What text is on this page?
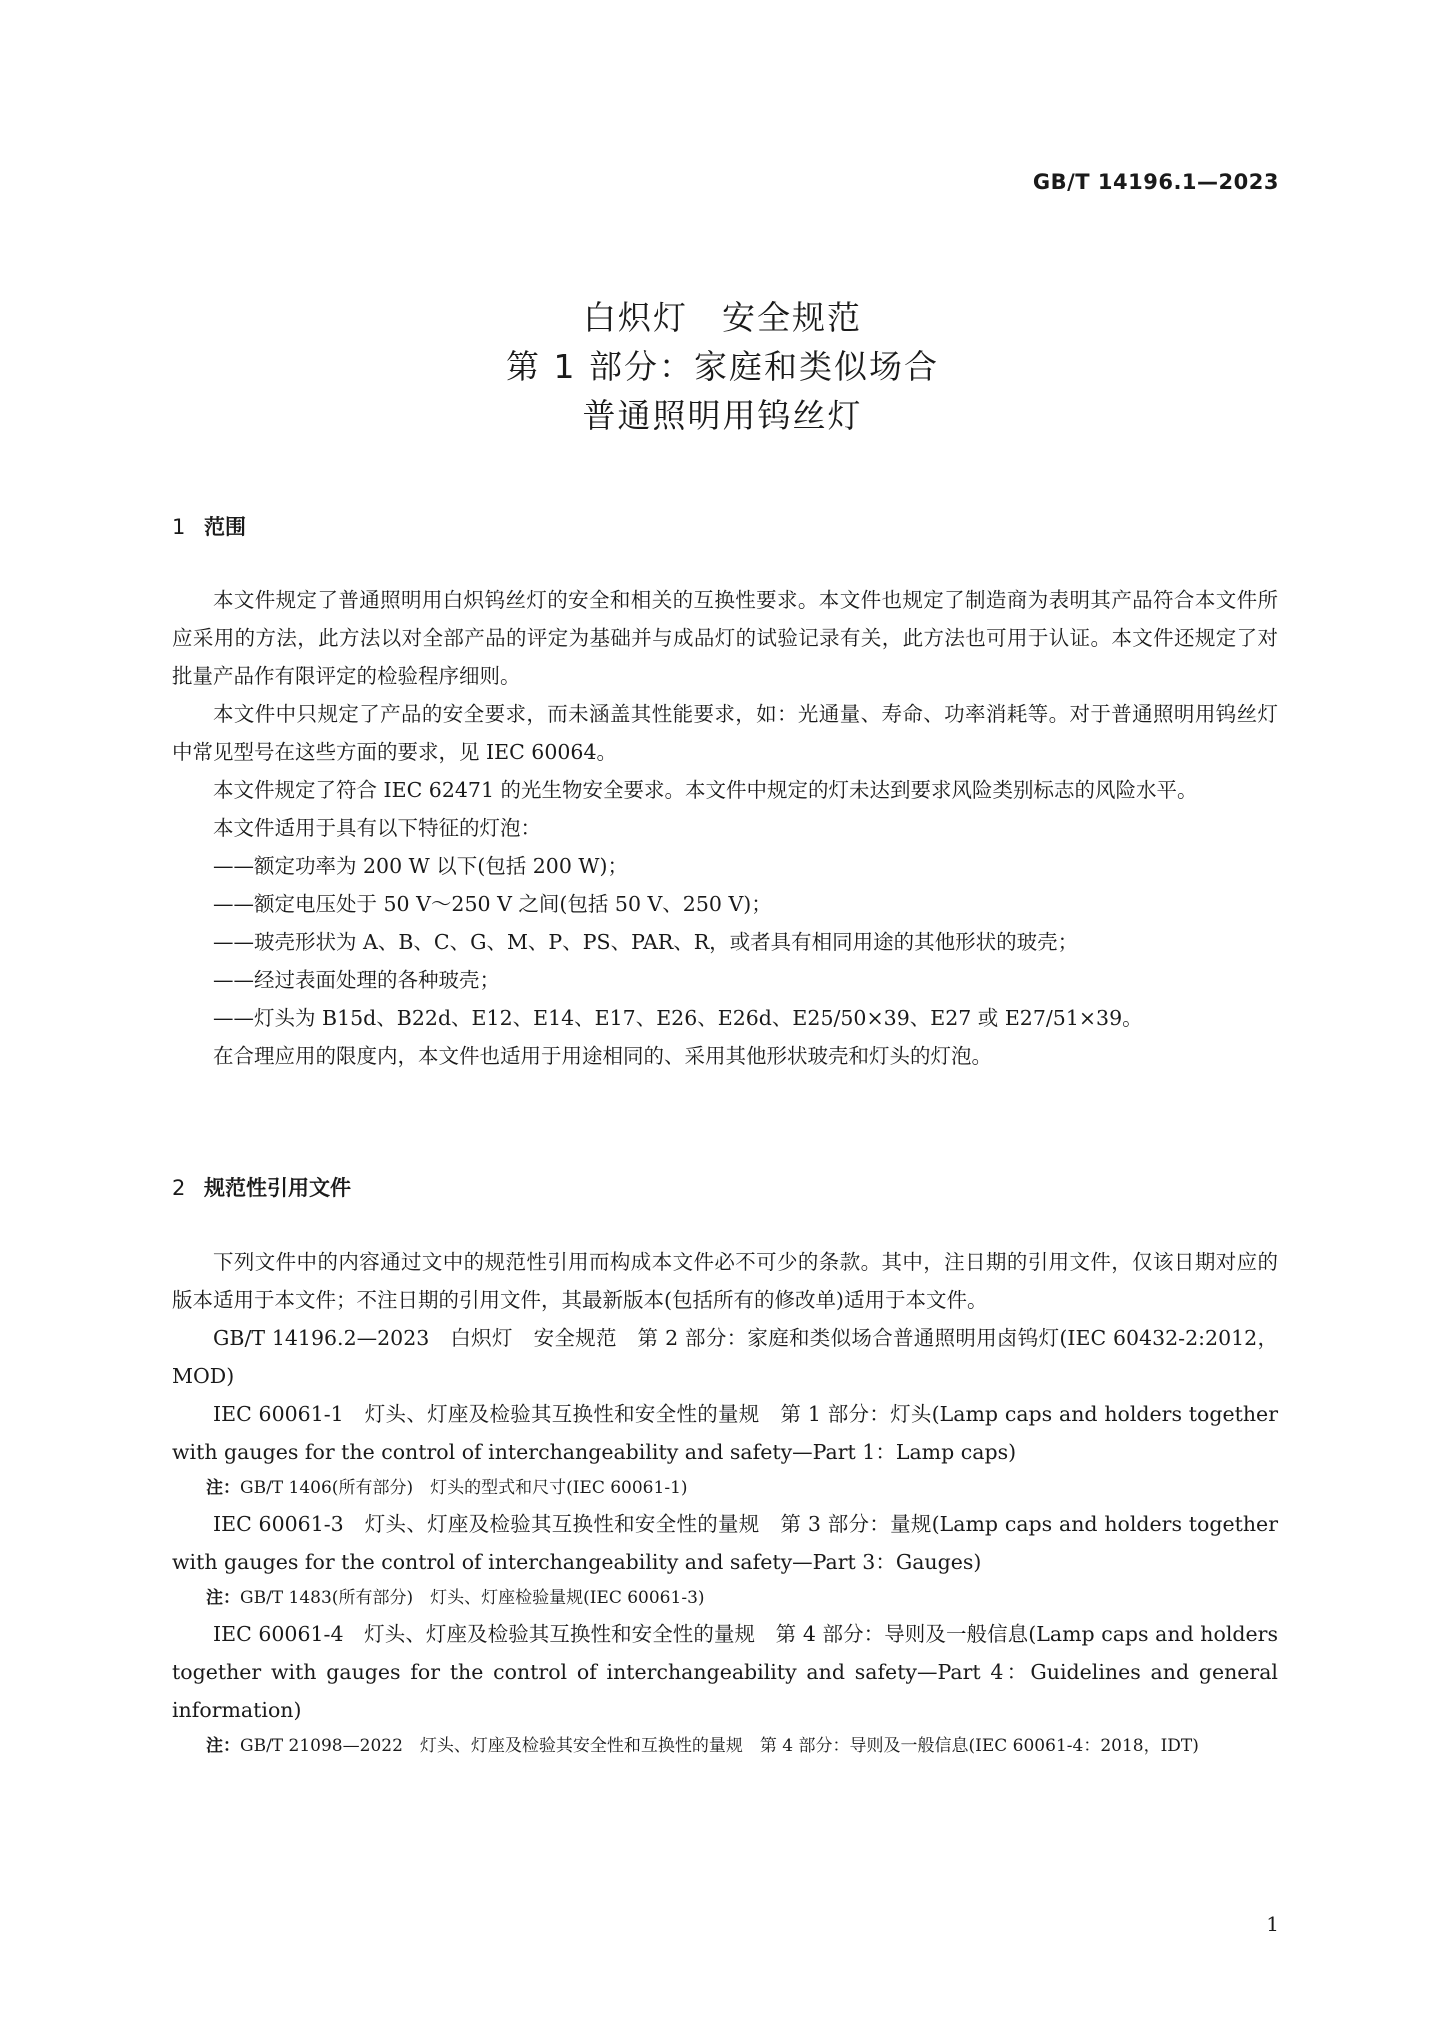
GB/T 14196.1—2023

白炽灯 安全规范
第 1 部分：家庭和类似场合
普通照明用钨丝灯
1 范围

本文件规定了普通照明用白炽钨丝灯的安全和相关的互换性要求。本文件也规定了制造商为表明其产品符合本文件所应采用的方法，此方法以对全部产品的评定为基础并与成品灯的试验记录有关，此方法也可用于认证。本文件还规定了对批量产品作有限评定的检验程序细则。

本文件中只规定了产品的安全要求，而未涵盖其性能要求，如：光通量、寿命、功率消耗等。对于普通照明用钨丝灯中常见型号在这些方面的要求，见 IEC 60064。

本文件规定了符合 IEC 62471 的光生物安全要求。本文件中规定的灯未达到要求风险类别标志的风险水平。

本文件适用于具有以下特征的灯泡：

——额定功率为 200 W 以下(包括 200 W)；
——额定电压处于 50 V～250 V 之间(包括 50 V、250 V)；
——玻壳形状为 A、B、C、G、M、P、PS、PAR、R，或者具有相同用途的其他形状的玻壳；
——经过表面处理的各种玻壳；
——灯头为 B15d、B22d、E12、E14、E17、E26、E26d、E25/50×39、E27 或 E27/51×39。

在合理应用的限度内，本文件也适用于用途相同的、采用其他形状玻壳和灯头的灯泡。

2 规范性引用文件

下列文件中的内容通过文中的规范性引用而构成本文件必不可少的条款。其中，注日期的引用文件，仅该日期对应的版本适用于本文件；不注日期的引用文件，其最新版本(包括所有的修改单)适用于本文件。

GB/T 14196.2—2023　白炽灯　安全规范　第 2 部分：家庭和类似场合普通照明用卤钨灯(IEC 60432-2:2012，MOD)

IEC 60061-1　灯头、灯座及检验其互换性和安全性的量规　第 1 部分：灯头(Lamp caps and holders together with gauges for the control of interchangeability and safety—Part 1：Lamp caps)

注：GB/T 1406(所有部分)　灯头的型式和尺寸(IEC 60061-1)

IEC 60061-3　灯头、灯座及检验其互换性和安全性的量规　第 3 部分：量规(Lamp caps and holders together with gauges for the control of interchangeability and safety—Part 3：Gauges)

注：GB/T 1483(所有部分)　灯头、灯座检验量规(IEC 60061-3)

IEC 60061-4　灯头、灯座及检验其互换性和安全性的量规　第 4 部分：导则及一般信息(Lamp caps and holders together with gauges for the control of interchangeability and safety—Part 4：Guidelines and general information)

注：GB/T 21098—2022　灯头、灯座及检验其安全性和互换性的量规　第 4 部分：导则及一般信息(IEC 60061-4：2018，IDT)

1
